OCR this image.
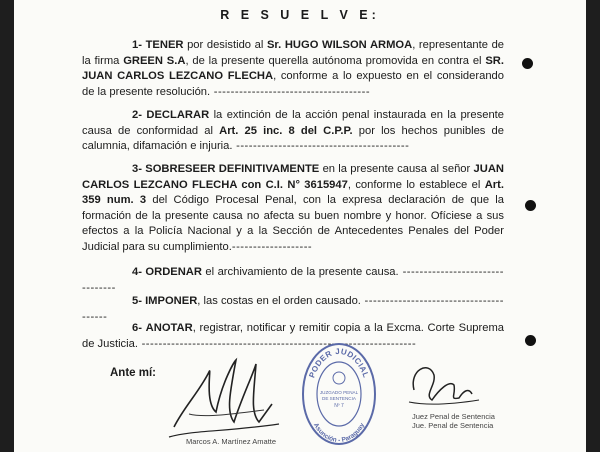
R E S U E L V E:
1- TENER por desistido al Sr. HUGO WILSON ARMOA, representante de la firma GREEN S.A, de la presente querella autónoma promovida en contra el SR. JUAN CARLOS LEZCANO FLECHA, conforme a lo expuesto en el considerando de la presente resolución. -------------------------------------
2- DECLARAR la extinción de la acción penal instaurada en la presente causa de conformidad al Art. 25 inc. 8 del C.P.P. por los hechos punibles de calumnia, difamación e injuria. -----------------------------------------
3- SOBRESEER DEFINITIVAMENTE en la presente causa al señor JUAN CARLOS LEZCANO FLECHA con C.I. N° 3615947, conforme lo establece el Art. 359 num. 3 del Código Procesal Penal, con la expresa declaración de que la formación de la presente causa no afecta su buen nombre y honor. Ofíciese a sus efectos a la Policía Nacional y a la Sección de Antecedentes Penales del Poder Judicial para su cumplimiento.-------------------
4- ORDENAR el archivamiento de la presente causa. --------------------------------
5- IMPONER, las costas en el orden causado. ---------------------------------------
6- ANOTAR, registrar, notificar y remitir copia a la Excma. Corte Suprema de Justicia. -----------------------------------------------------------------
Ante mí:	PODER JUDICIAL
JUZGADO PENAL
DE SENTENCIA
Nº 7
Asunción - Paraguay
Marcos A. Martínez Amatte
Juez Penal de Sentencia
Jue. Penal de Sentencia
